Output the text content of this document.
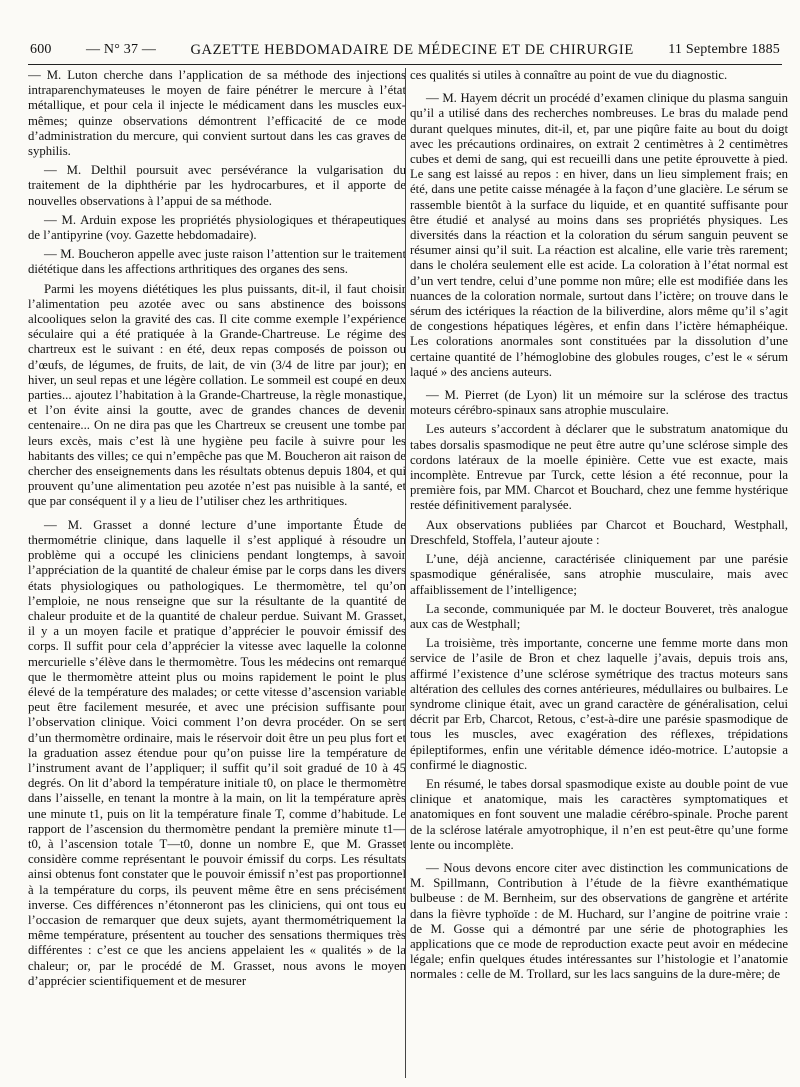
600 — N° 37 — GAZETTE HEBDOMADAIRE DE MÉDECINE ET DE CHIRURGIE 11 Septembre 1885

— M. Luton cherche dans l’application de sa méthode des injections intraparenchymateuses le moyen de faire pénétrer le mercure à l’état métallique, et pour cela il injecte le médicament dans les muscles eux-mêmes; quinze observations démontrent l’efficacité de ce mode d’administration du mercure, qui convient surtout dans les cas graves de syphilis.

— M. Delthil poursuit avec persévérance la vulgarisation du traitement de la diphthérie par les hydrocarbures, et il apporte de nouvelles observations à l’appui de sa méthode.

— M. Arduin expose les propriétés physiologiques et thérapeutiques de l’antipyrine (voy. Gazette hebdomadaire).

— M. Boucheron appelle avec juste raison l’attention sur le traitement diététique dans les affections arthritiques des organes des sens.

Parmi les moyens diététiques les plus puissants, dit-il, il faut choisir l’alimentation peu azotée avec ou sans abstinence des boissons alcooliques selon la gravité des cas. Il cite comme exemple l’expérience séculaire qui a été pratiquée à la Grande-Chartreuse. Le régime des chartreux est le suivant : en été, deux repas composés de poisson ou d’œufs, de légumes, de fruits, de lait, de vin (3/4 de litre par jour); en hiver, un seul repas et une légère collation. Le sommeil est coupé en deux parties... ajoutez l’habitation à la Grande-Chartreuse, la règle monastique, et l’on évite ainsi la goutte, avec de grandes chances de devenir centenaire... On ne dira pas que les Chartreux se creusent une tombe par leurs excès, mais c’est là une hygiène peu facile à suivre pour les habitants des villes; ce qui n’empêche pas que M. Boucheron ait raison de chercher des enseignements dans les résultats obtenus depuis 1804, et qui prouvent qu’une alimentation peu azotée n’est pas nuisible à la santé, et que par conséquent il y a lieu de l’utiliser chez les arthritiques.

— M. Grasset a donné lecture d’une importante Étude de thermométrie clinique, dans laquelle il s’est appliqué à résoudre un problème qui a occupé les cliniciens pendant longtemps, à savoir l’appréciation de la quantité de chaleur émise par le corps dans les divers états physiologiques ou pathologiques. Le thermomètre, tel qu’on l’emploie, ne nous renseigne que sur la résultante de la quantité de chaleur produite et de la quantité de chaleur perdue. Suivant M. Grasset, il y a un moyen facile et pratique d’apprécier le pouvoir émissif des corps. Il suffit pour cela d’apprécier la vitesse avec laquelle la colonne mercurielle s’élève dans le thermomètre. Tous les médecins ont remarqué que le thermomètre atteint plus ou moins rapidement le point le plus élevé de la température des malades; or cette vitesse d’ascension variable peut être facilement mesurée, et avec une précision suffisante pour l’observation clinique. Voici comment l’on devra procéder. On se sert d’un thermomètre ordinaire, mais le réservoir doit être un peu plus fort et la graduation assez étendue pour qu’on puisse lire la température de l’instrument avant de l’appliquer; il suffit qu’il soit gradué de 10 à 45 degrés. On lit d’abord la température initiale t0, on place le thermomètre dans l’aisselle, en tenant la montre à la main, on lit la température après une minute t1, puis on lit la température finale T, comme d’habitude. Le rapport de l’ascension du thermomètre pendant la première minute t1—t0, à l’ascension totale T—t0, donne un nombre E, que M. Grasset considère comme représentant le pouvoir émissif du corps. Les résultats ainsi obtenus font constater que le pouvoir émissif n’est pas proportionnel à la température du corps, ils peuvent même être en sens précisément inverse. Ces différences n’étonneront pas les cliniciens, qui ont tous eu l’occasion de remarquer que deux sujets, ayant thermométriquement la même température, présentent au toucher des sensations thermiques très différentes : c’est ce que les anciens appelaient les « qualités » de la chaleur; or, par le procédé de M. Grasset, nous avons le moyen d’apprécier scientifiquement et de mesurer

ces qualités si utiles à connaître au point de vue du diagnostic.

— M. Hayem décrit un procédé d’examen clinique du plasma sanguin qu’il a utilisé dans des recherches nombreuses. Le bras du malade pend durant quelques minutes, dit-il, et, par une piqûre faite au bout du doigt avec les précautions ordinaires, on extrait 2 centimètres à 2 centimètres cubes et demi de sang, qui est recueilli dans une petite éprouvette à pied. Le sang est laissé au repos : en hiver, dans un lieu simplement frais; en été, dans une petite caisse ménagée à la façon d’une glacière. Le sérum se rassemble bientôt à la surface du liquide, et en quantité suffisante pour être étudié et analysé au moins dans ses propriétés physiques. Les diversités dans la réaction et la coloration du sérum sanguin peuvent se résumer ainsi qu’il suit. La réaction est alcaline, elle varie très rarement; dans le choléra seulement elle est acide. La coloration à l’état normal est d’un vert tendre, celui d’une pomme non mûre; elle est modifiée dans les nuances de la coloration normale, surtout dans l’ictère; on trouve dans le sérum des ictériques la réaction de la biliverdine, alors même qu’il s’agit de congestions hépatiques légères, et enfin dans l’ictère hémaphéique. Les colorations anormales sont constituées par la dissolution d’une certaine quantité de l’hémoglobine des globules rouges, c’est le « sérum laqué » des anciens auteurs.

— M. Pierret (de Lyon) lit un mémoire sur la sclérose des tractus moteurs cérébro-spinaux sans atrophie musculaire.

Les auteurs s’accordent à déclarer que le substratum anatomique du tabes dorsalis spasmodique ne peut être autre qu’une sclérose simple des cordons latéraux de la moelle épinière. Cette vue est exacte, mais incomplète. Entrevue par Turck, cette lésion a été reconnue, pour la première fois, par MM. Charcot et Bouchard, chez une femme hystérique restée définitivement paralysée.

Aux observations publiées par Charcot et Bouchard, Westphall, Dreschfeld, Stoffela, l’auteur ajoute :

L’une, déjà ancienne, caractérisée cliniquement par une parésie spasmodique généralisée, sans atrophie musculaire, mais avec affaiblissement de l’intelligence;

La seconde, communiquée par M. le docteur Bouveret, très analogue aux cas de Westphall;

La troisième, très importante, concerne une femme morte dans mon service de l’asile de Bron et chez laquelle j’avais, depuis trois ans, affirmé l’existence d’une sclérose symétrique des tractus moteurs sans altération des cellules des cornes antérieures, médullaires ou bulbaires. Le syndrome clinique était, avec un grand caractère de généralisation, celui décrit par Erb, Charcot, Retous, c’est-à-dire une parésie spasmodique de tous les muscles, avec exagération des réflexes, trépidations épileptiformes, enfin une véritable démence idéo-motrice. L’autopsie a confirmé le diagnostic.

En résumé, le tabes dorsal spasmodique existe au double point de vue clinique et anatomique, mais les caractères symptomatiques et anatomiques en font souvent une maladie cérébro-spinale. Proche parent de la sclérose latérale amyotrophique, il n’en est peut-être qu’une forme lente ou incomplète.

— Nous devons encore citer avec distinction les communications de M. Spillmann, Contribution à l’étude de la fièvre exanthématique bulbeuse : de M. Bernheim, sur des observations de gangrène et artérite dans la fièvre typhoïde : de M. Huchard, sur l’angine de poitrine vraie : de M. Gosse qui a démontré par une série de photographies les applications que ce mode de reproduction exacte peut avoir en médecine légale; enfin quelques études intéressantes sur l’histologie et l’anatomie normales : celle de M. Trollard, sur les lacs sanguins de la dure-mère; de
